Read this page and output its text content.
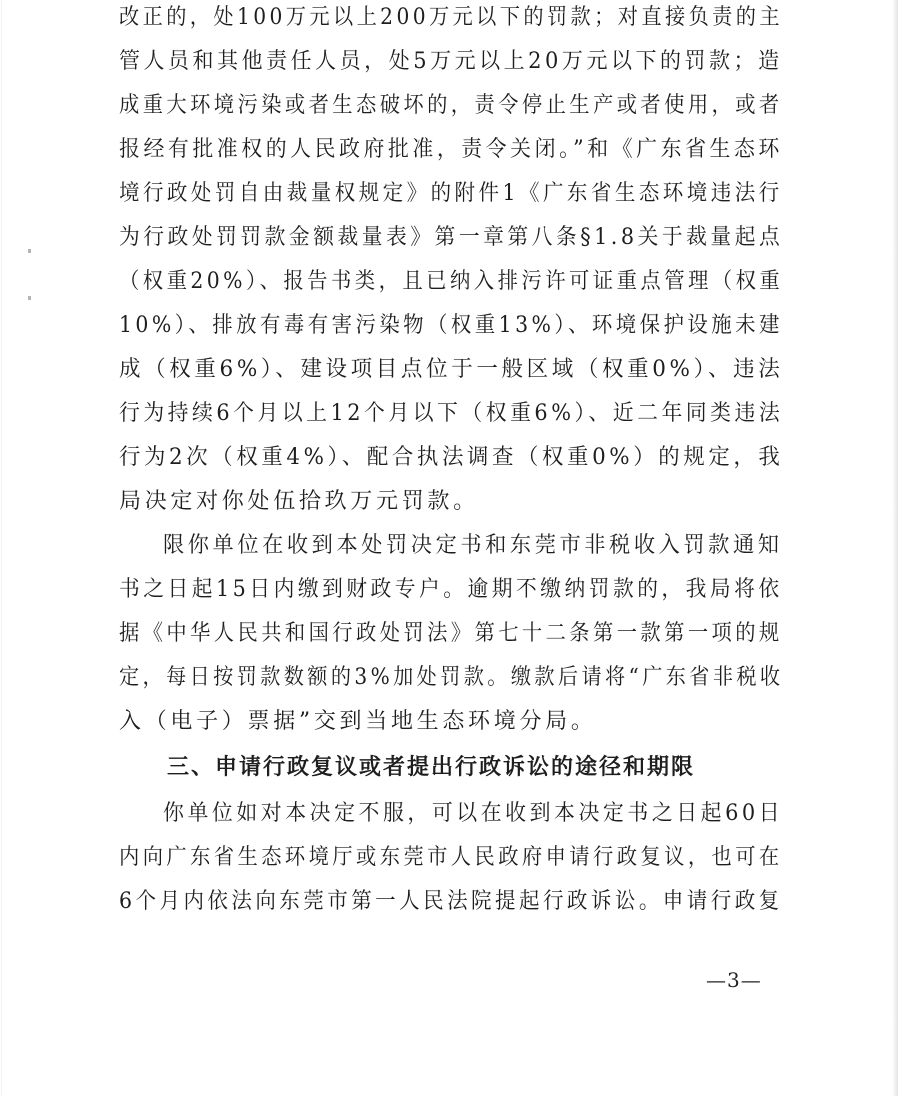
改正的，处100万元以上200万元以下的罚款；对直接负责的主
管人员和其他责任人员，处5万元以上20万元以下的罚款；造
成重大环境污染或者生态破坏的，责令停止生产或者使用，或者
报经有批准权的人民政府批准，责令关闭。”和《广东省生态环
境行政处罚自由裁量权规定》的附件1《广东省生态环境违法行
为行政处罚罚款金额裁量表》第一章第八条§1.8关于裁量起点
（权重20%）、报告书类，且已纳入排污许可证重点管理（权重
10%）、排放有毒有害污染物（权重13%）、环境保护设施未建
成（权重6%）、建设项目点位于一般区域（权重0%）、违法
行为持续6个月以上12个月以下（权重6%）、近二年同类违法
行为2次（权重4%）、配合执法调查（权重0%）的规定，我
局决定对你处伍拾玖万元罚款。
限你单位在收到本处罚决定书和东莞市非税收入罚款通知
书之日起15日内缴到财政专户。逾期不缴纳罚款的，我局将依
据《中华人民共和国行政处罚法》第七十二条第一款第一项的规
定，每日按罚款数额的3%加处罚款。缴款后请将“广东省非税收
入（电子）票据”交到当地生态环境分局。
三、申请行政复议或者提出行政诉讼的途径和期限
你单位如对本决定不服，可以在收到本决定书之日起60日
内向广东省生态环境厅或东莞市人民政府申请行政复议，也可在
6个月内依法向东莞市第一人民法院提起行政诉讼。申请行政复
—3—
